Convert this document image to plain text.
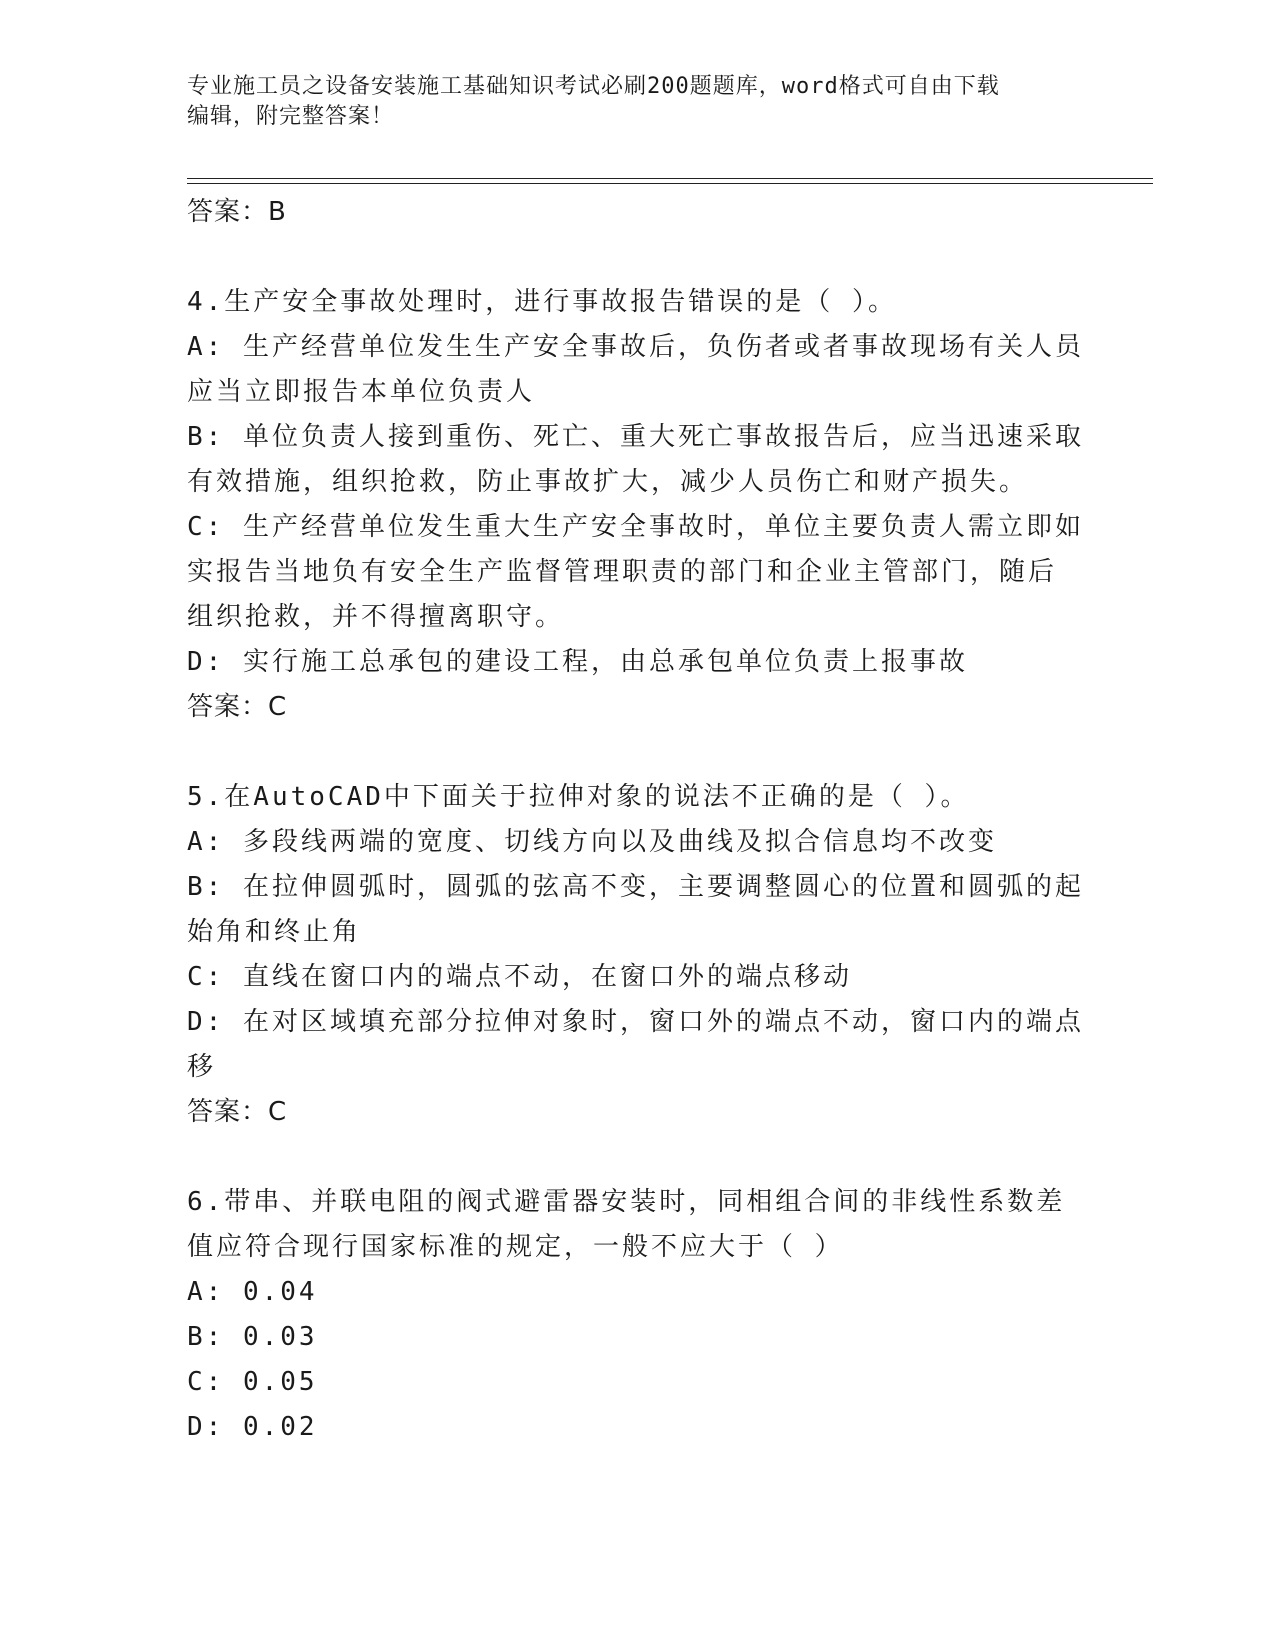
专业施工员之设备安装施工基础知识考试必刷200题题库，word格式可自由下载
编辑，附完整答案！
答案：B
4.生产安全事故处理时，进行事故报告错误的是（ ）。
A: 生产经营单位发生生产安全事故后，负伤者或者事故现场有关人员
应当立即报告本单位负责人
B: 单位负责人接到重伤、死亡、重大死亡事故报告后，应当迅速采取
有效措施，组织抢救，防止事故扩大，减少人员伤亡和财产损失。
C: 生产经营单位发生重大生产安全事故时，单位主要负责人需立即如
实报告当地负有安全生产监督管理职责的部门和企业主管部门，随后
组织抢救，并不得擅离职守。
D: 实行施工总承包的建设工程，由总承包单位负责上报事故
答案：C
5.在AutoCAD中下面关于拉伸对象的说法不正确的是（ ）。
A: 多段线两端的宽度、切线方向以及曲线及拟合信息均不改变
B: 在拉伸圆弧时，圆弧的弦高不变，主要调整圆心的位置和圆弧的起
始角和终止角
C: 直线在窗口内的端点不动，在窗口外的端点移动
D: 在对区域填充部分拉伸对象时，窗口外的端点不动，窗口内的端点
移
答案：C
6.带串、并联电阻的阀式避雷器安装时，同相组合间的非线性系数差
值应符合现行国家标准的规定，一般不应大于（ ）
A: 0.04
B: 0.03
C: 0.05
D: 0.02
